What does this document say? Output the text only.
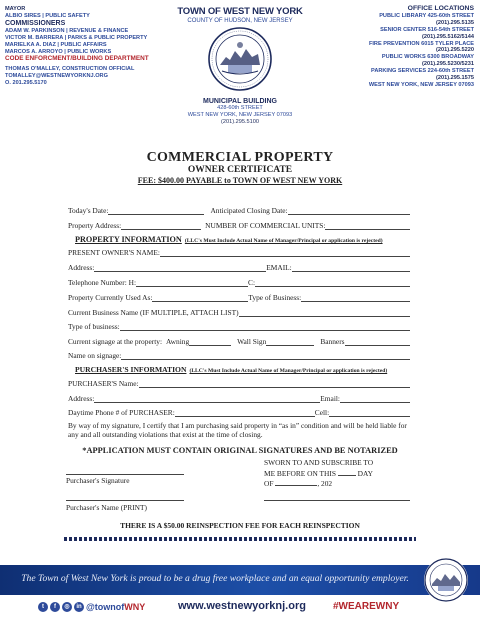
MAYOR
ALBIO SIRES | PUBLIC SAFETY
COMMISSIONERS
ADAM W. PARKINSON | REVENUE & FINANCE
VICTOR M. BARRERA | PARKS & PUBLIC PROPERTY
MARIELKA A. DIAZ | PUBLIC AFFAIRS
MARCOS A. ARROYO | PUBLIC WORKS
CODE ENFORCMENT/BUILDING DEPARTMENT
THOMAS O'MALLEY, CONSTRUCTION OFFICIAL
TOMALLEY@WESTNEWYORKNJ.ORG
O. 201.295.5170
TOWN OF WEST NEW YORK
COUNTY OF HUDSON, NEW JERSEY
MUNICIPAL BUILDING
428-60th STREET
WEST NEW YORK, NEW JERSEY 07093
(201).295.5100
OFFICE LOCATIONS
PUBLIC LIBRARY 425-60th STREET
(201).295.5135
SENIOR CENTER 516-54th STREET
(201).295.5162/5144
FIRE PREVENTION 6015 TYLER PLACE
(201).295.5220
PUBLIC WORKS 6300 BROADWAY
(201).295.5230/5231
PARKING SERVICES 224-60th STREET
(201).295.1575
WEST NEW YORK, NEW JERSEY 07093
COMMERCIAL PROPERTY
OWNER CERTIFICATE
FEE: $400.00 PAYABLE to TOWN OF WEST NEW YORK
Today's Date:	Anticipated Closing Date:
Property Address:	NUMBER OF COMMERCIAL UNITS:
PROPERTY INFORMATION (LLC's Must Include Actual Name of Manager/Principal or application is rejected)
PRESENT OWNER'S NAME:
Address:	EMAIL:
Telephone Number: H:	C:
Property Currently Used As:	Type of Business:
Current Business Name (IF MULTIPLE, ATTACH LIST)
Type of business:
Current signage at the property: Awning	Wall Sign	Banners
Name on signage:
PURCHASER'S INFORMATION (LLC's Must Include Actual Name of Manager/Principal or application is rejected)
PURCHASER'S Name:
Address:	Email:
Daytime Phone # of PURCHASER:	Cell:
By way of my signature, I certify that I am purchasing said property in “as in” condition and will be held liable for any and all outstanding violations that exist at the time of closing.
*APPLICATION MUST CONTAIN ORIGINAL SIGNATURES AND BE NOTARIZED
Purchaser's Signature
SWORN TO AND SUBSCRIBE TO
ME BEFORE ON THIS	DAY
OF	, 202
Purchaser's Name (PRINT)
THERE IS A $50.00 REINSPECTION FEE FOR EACH REINSPECTION
The Town of West New York is proud to be a drug free workplace and an equal opportunity employer.
t	f	◎	in @townofWNY	www.westnewyorknj.org	#WEAREWNY
